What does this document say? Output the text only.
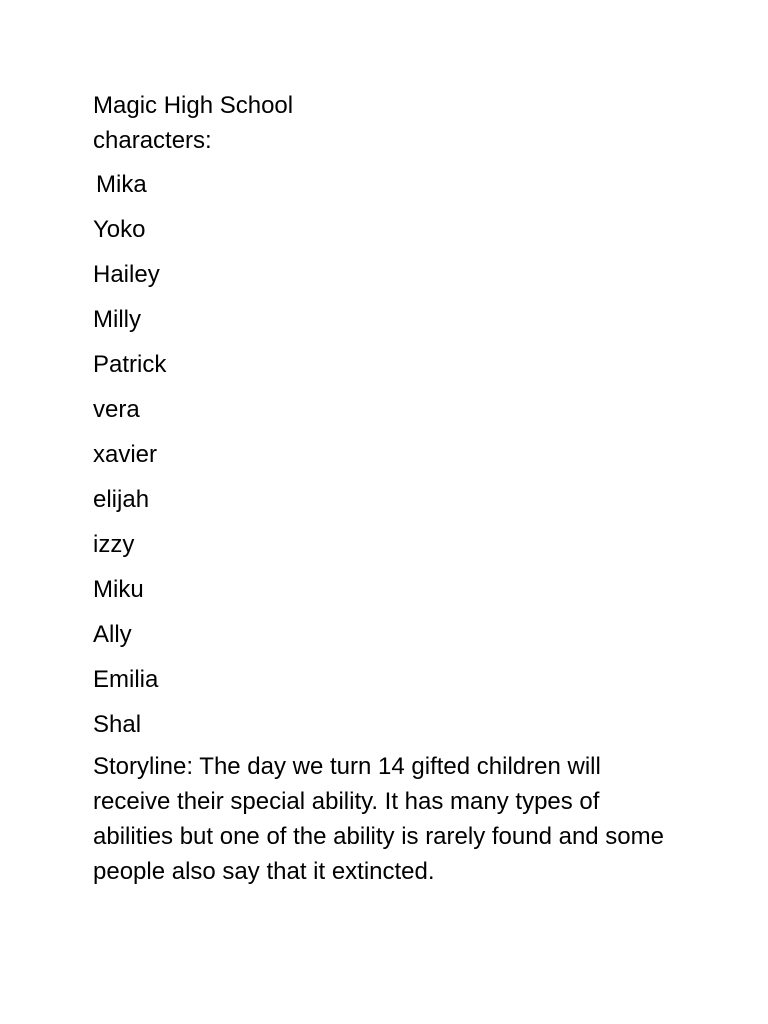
Magic High School

characters:

Mika
Yoko
Hailey
Milly
Patrick
vera
xavier
elijah
izzy
Miku
Ally
Emilia
Shal

Storyline: The day we turn 14 gifted children will receive their special ability. It has many types of abilities but one of the ability is rarely found and some people also say that it extincted.
